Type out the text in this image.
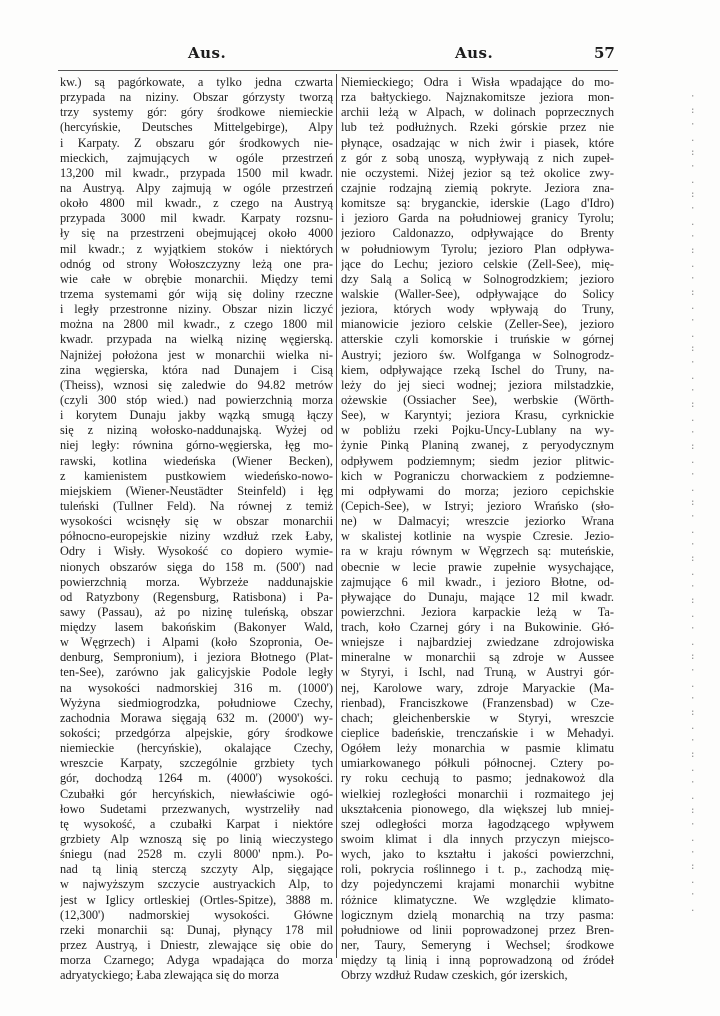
Aus.	Aus.	57

kw.) są pagórkowate, a tylko jedna czwarta

przypada na niziny. Obszar górzysty tworzą

trzy systemy gór: góry środkowe niemieckie

(hercyńskie, Deutsches Mittelgebirge), Alpy

i Karpaty. Z obszaru gór środkowych nie-

mieckich, zajmujących w ogóle przestrzeń

13,200 mil kwadr., przypada 1500 mil kwadr.

na Austryą. Alpy zajmują w ogóle przestrzeń

około 4800 mil kwadr., z czego na Austryą

przypada 3000 mil kwadr. Karpaty rozsnu-

ły się na przestrzeni obejmującej około 4000

mil kwadr.; z wyjątkiem stoków i niektórych

odnóg od strony Wołoszczyzny leżą one pra-

wie całe w obrębie monarchii. Między temi

trzema systemami gór wiją się doliny rzeczne

i legły przestronne niziny. Obszar nizin liczyć

można na 2800 mil kwadr., z czego 1800 mil

kwadr. przypada na wielką nizinę węgierską.

Najniżej położona jest w monarchii wielka ni-

zina węgierska, która nad Dunajem i Cisą

(Theiss), wznosi się zaledwie do 94.82 metrów

(czyli 300 stóp wied.) nad powierzchnią morza

i korytem Dunaju jakby wązką smugą łączy

się z niziną wołosko-naddunajską. Wyżej od

niej legły: równina górno-węgierska, łęg mo-

rawski, kotlina wiedeńska (Wiener Becken),

z kamienistem pustkowiem wiedeńsko-nowo-

miejskiem (Wiener-Neustädter Steinfeld) i łęg

tuleński (Tullner Feld). Na równej z temiż

wysokości wcisnęły się w obszar monarchii

północno-europejskie niziny wzdłuż rzek Łaby,

Odry i Wisły. Wysokość co dopiero wymie-

nionych obszarów sięga do 158 m. (500') nad

powierzchnią morza. Wybrzeże naddunajskie

od Ratyzbony (Regensburg, Ratisbona) i Pa-

sawy (Passau), aż po nizinę tuleńską, obszar

między lasem bakońskim (Bakonyer Wald,

w Węgrzech) i Alpami (koło Szopronia, Oe-

denburg, Sempronium), i jeziora Błotnego (Plat-

ten-See), zarówno jak galicyjskie Podole legły

na wysokości nadmorskiej 316 m. (1000')

Wyżyna siedmiogrodzka, południowe Czechy,

zachodnia Morawa sięgają 632 m. (2000') wy-

sokości; przedgórza alpejskie, góry środkowe

niemieckie (hercyńskie), okalające Czechy,

wreszcie Karpaty, szczególnie grzbiety tych

gór, dochodzą 1264 m. (4000') wysokości.

Czubałki gór hercyńskich, niewłaściwie ogó-

łowo Sudetami przezwanych, wystrzeliły nad

tę wysokość, a czubałki Karpat i niektóre

grzbiety Alp wznoszą się po linią wieczystego

śniegu (nad 2528 m. czyli 8000' npm.). Po-

nad tą linią sterczą szczyty Alp, sięgające

w najwyższym szczycie austryackich Alp, to

jest w Iglicy ortleskiej (Ortles-Spitze), 3888 m.

(12,300') nadmorskiej wysokości. Główne

rzeki monarchii są: Dunaj, płynący 178 mil

przez Austryą, i Dniestr, zlewające się obie do

morza Czarnego; Adyga wpadająca do morza

adryatyckiego; Łaba zlewająca się do morza

Niemieckiego; Odra i Wisła wpadające do mo-

rza bałtyckiego. Najznakomitsze jeziora mon-

archii leżą w Alpach, w dolinach poprzecznych

lub też podłużnych. Rzeki górskie przez nie

płynące, osadzając w nich żwir i piasek, które

z gór z sobą unoszą, wypływają z nich zupeł-

nie oczystemi. Niżej jezior są też okolice zwy-

czajnie rodzajną ziemią pokryte. Jeziora zna-

komitsze są: bryganckie, iderskie (Lago d'Idro)

i jezioro Garda na południowej granicy Tyrolu;

jezioro Caldonazzo, odpływające do Brenty

w południowym Tyrolu; jezioro Plan odpływa-

jące do Lechu; jezioro celskie (Zell-See), mię-

dzy Salą a Solicą w Solnogrodzkiem; jezioro

walskie (Waller-See), odpływające do Solicy

jeziora, których wody wpływają do Truny,

mianowicie jezioro celskie (Zeller-See), jezioro

atterskie czyli komorskie i truńskie w górnej

Austryi; jezioro św. Wolfganga w Solnogrodz-

kiem, odpływające rzeką Ischel do Truny, na-

leży do jej sieci wodnej; jeziora milstadzkie,

ożewskie (Ossiacher See), werbskie (Wörth-

See), w Karyntyi; jeziora Krasu, cyrknickie

w pobliżu rzeki Pojku-Uncy-Lublany na wy-

żynie Pinką Planiną zwanej, z peryodycznym

odpływem podziemnym; siedm jezior plitwic-

kich w Pograniczu chorwackiem z podziemne-

mi odpływami do morza; jezioro cepichskie

(Cepich-See), w Istryi; jezioro Wrańsko (sło-

ne) w Dalmacyi; wreszcie jeziorko Wrana

w skalistej kotlinie na wyspie Czresie. Jezio-

ra w kraju równym w Węgrzech są: muteńskie,

obecnie w lecie prawie zupełnie wysychające,

zajmujące 6 mil kwadr., i jezioro Błotne, od-

pływające do Dunaju, mające 12 mil kwadr.

powierzchni. Jeziora karpackie leżą w Ta-

trach, koło Czarnej góry i na Bukowinie. Głó-

wniejsze i najbardziej zwiedzane zdrojowiska

mineralne w monarchii są zdroje w Aussee

w Styryi, i Ischl, nad Truną, w Austryi gór-

nej, Karolowe wary, zdroje Maryackie (Ma-

rienbad), Franciszkowe (Franzensbad) w Cze-

chach; gleichenberskie w Styryi, wreszcie

cieplice badeńskie, trenczańskie i w Mehadyi.

Ogółem leży monarchia w pasmie klimatu

umiarkowanego półkuli północnej. Cztery po-

ry roku cechują to pasmo; jednakowoż dla

wielkiej rozległości monarchii i rozmaitego jej

ukształcenia pionowego, dla większej lub mniej-

szej odległości morza łagodzącego wpływem

swoim klimat i dla innych przyczyn miejsco-

wych, jako to kształtu i jakości powierzchni,

roli, pokrycia roślinnego i t. p., zachodzą mię-

dzy pojedynczemi krajami monarchii wybitne

różnice klimatyczne. We względzie klimato-

logicznym dzielą monarchią na trzy pasma:

południowe od linii poprowadzonej przez Bren-

ner, Taury, Semeryng i Wechsel; środkowe

między tą linią i inną poprowadzoną od źródeł

Obrzy wzdłuż Rudaw czeskich, gór izerskich,

·
:
·
.
:
·
.
:
·
.
·
:
.
·
:
.
·
.
:
·
.
·
:
.
·
:
.
·
.
:
·
.
·
:
.
·
:
.
·
.
:
·
.
·
:
.
·
:
.
·
.
:
·
.
·
:
.
·
.
